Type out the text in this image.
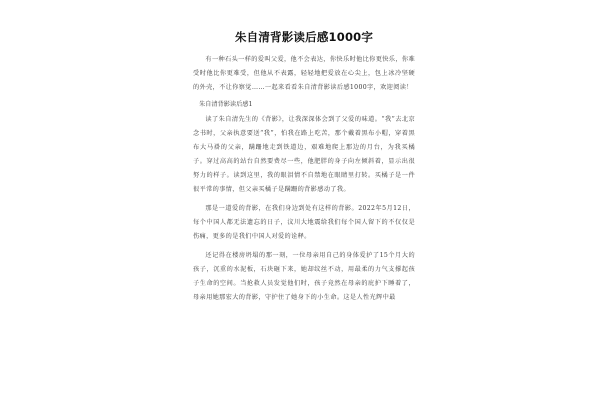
朱自清背影读后感1000字

有一种石头一样的爱叫父爱，他不会表达，你快乐时他比你更快乐，你难受时他比你更难受，但他从不表露，轻轻地把爱放在心尖上，包上冰冷坚硬的外壳，不让你察觉……一起来看看朱自清背影读后感1000字，欢迎阅读！

朱自清背影读后感1

读了朱自清先生的《背影》，让我深深体会到了父爱的味道。“我”去北京念书时，父亲执意要送“我”，怕我在路上吃苦，那个戴着黑布小帽，穿着黑布大马褂的父亲，蹒跚地走到铁道边，艰难地爬上那边的月台，为我买橘子。穿过高高的站台自然要费尽一些，他肥胖的身子向左倾斜着，显示出很努力的样子。读到这里，我的眼泪情不自禁地在眼睛里打转。买橘子是一件很平常的事情，但父亲买橘子是蹒跚的背影感动了我。

那是一道爱的背影，在我们身边到处有这样的背影。2022年5月12日，每个中国人都无法遗忘的日子，汶川大地震给我们每个国人留下的不仅仅是伤痛，更多的是我们中国人对爱的诠释。

还记得在楼房坍塌的那一刻，一位母亲用自己的身体爱护了15个月大的孩子，沉重的水泥板，石块砸下来，她却纹丝不动，用最柔的力气支撑起孩子生命的空间。当抢救人员发觉他们时，孩子竟然在母亲的庇护下睡着了，母亲用她那宏大的背影，守护住了她身下的小生命。这是人性光辉中最
